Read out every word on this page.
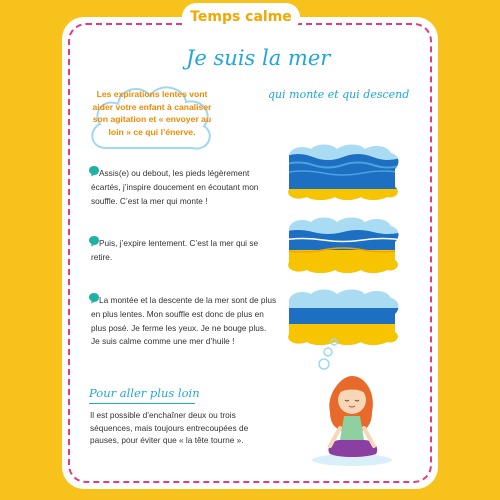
Temps calme
Je suis la mer
qui monte et qui descend
Les expirations lentes vont aider votre enfant à canaliser son agitation et « envoyer au loin » ce qui l’énerve.
Assis(e) ou debout, les pieds légèrement écartés, j’inspire doucement en écoutant mon souffle. C’est la mer qui monte !
Puis, j’expire lentement. C’est la mer qui se retire.
La montée et la descente de la mer sont de plus en plus lentes. Mon souffle est donc de plus en plus posé. Je ferme les yeux. Je ne bouge plus. Je suis calme comme une mer d’huile !
Pour aller plus loin
Il est possible d’enchaîner deux ou trois séquences, mais toujours entrecoupées de pauses, pour éviter que « la tête tourne ».
